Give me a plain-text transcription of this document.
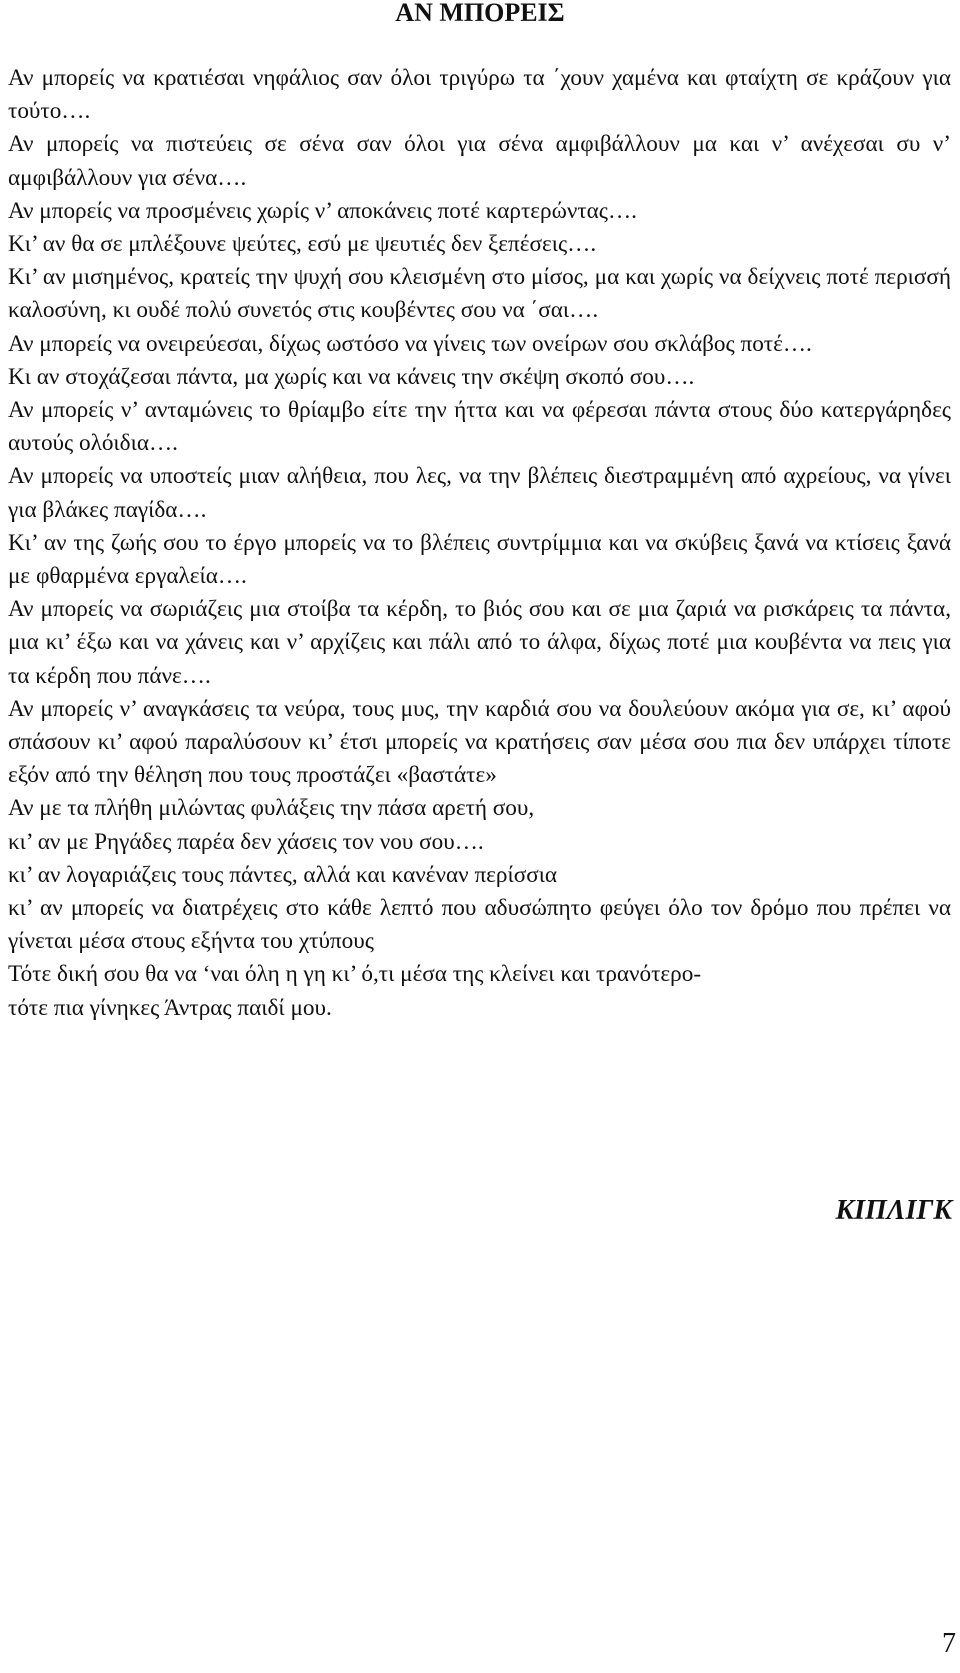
ΑΝ ΜΠΟΡΕΙΣ

Αν μπορείς να κρατιέσαι νηφάλιος σαν όλοι τριγύρω τα ΄χουν χαμένα και φταίχτη σε κράζουν για τούτο….

Αν μπορείς να πιστεύεις σε σένα σαν όλοι για σένα αμφιβάλλουν μα και ν’ ανέχεσαι συ ν’ αμφιβάλλουν για σένα….

Αν μπορείς να προσμένεις χωρίς ν’ αποκάνεις ποτέ καρτερώντας….

Κι’ αν θα σε μπλέξουνε ψεύτες, εσύ με ψευτιές δεν ξεπέσεις….

Κι’ αν μισημένος, κρατείς την ψυχή σου κλεισμένη στο μίσος, μα και χωρίς να δείχνεις ποτέ περισσή καλοσύνη, κι ουδέ πολύ συνετός στις κουβέντες σου να ΄σαι….

Αν μπορείς να ονειρεύεσαι, δίχως ωστόσο να γίνεις των ονείρων σου σκλάβος ποτέ….

Κι αν στοχάζεσαι πάντα, μα χωρίς και να κάνεις την σκέψη σκοπό σου….

Αν μπορείς ν’ ανταμώνεις το θρίαμβο είτε την ήττα και να φέρεσαι πάντα στους δύο κατεργάρηδες αυτούς ολόιδια….

Αν μπορείς να υποστείς μιαν αλήθεια, που λες, να την βλέπεις διεστραμμένη από αχρείους, να γίνει για βλάκες παγίδα….

Κι’ αν της ζωής σου το έργο μπορείς να το βλέπεις συντρίμμια και να σκύβεις ξανά να κτίσεις ξανά με φθαρμένα εργαλεία….

Αν μπορείς να σωριάζεις μια στοίβα τα κέρδη, το βιός σου και σε μια ζαριά να ρισκάρεις τα πάντα, μια κι’ έξω και να χάνεις και ν’ αρχίζεις και πάλι από το άλφα, δίχως ποτέ μια κουβέντα να πεις για τα κέρδη που πάνε….

Αν μπορείς ν’ αναγκάσεις τα νεύρα, τους μυς, την καρδιά σου να δουλεύουν ακόμα για σε, κι’ αφού σπάσουν κι’ αφού παραλύσουν κι’ έτσι μπορείς να κρατήσεις σαν μέσα σου πια δεν υπάρχει τίποτε εξόν από την θέληση που τους προστάζει «βαστάτε»

Αν με τα πλήθη μιλώντας φυλάξεις την πάσα αρετή σου,

κι’ αν με Ρηγάδες παρέα δεν χάσεις τον νου σου….

κι’ αν λογαριάζεις τους πάντες, αλλά και κανέναν περίσσια

κι’ αν μπορείς να διατρέχεις στο κάθε λεπτό που αδυσώπητο φεύγει όλο τον δρόμο που πρέπει να γίνεται μέσα στους εξήντα του χτύπους

Τότε δική σου θα να ‘ναι όλη η γη κι’ ό,τι μέσα της κλείνει και τρανότερο-

τότε πια γίνηκες Άντρας παιδί μου.

ΚΙΠΛΙΓΚ
7
